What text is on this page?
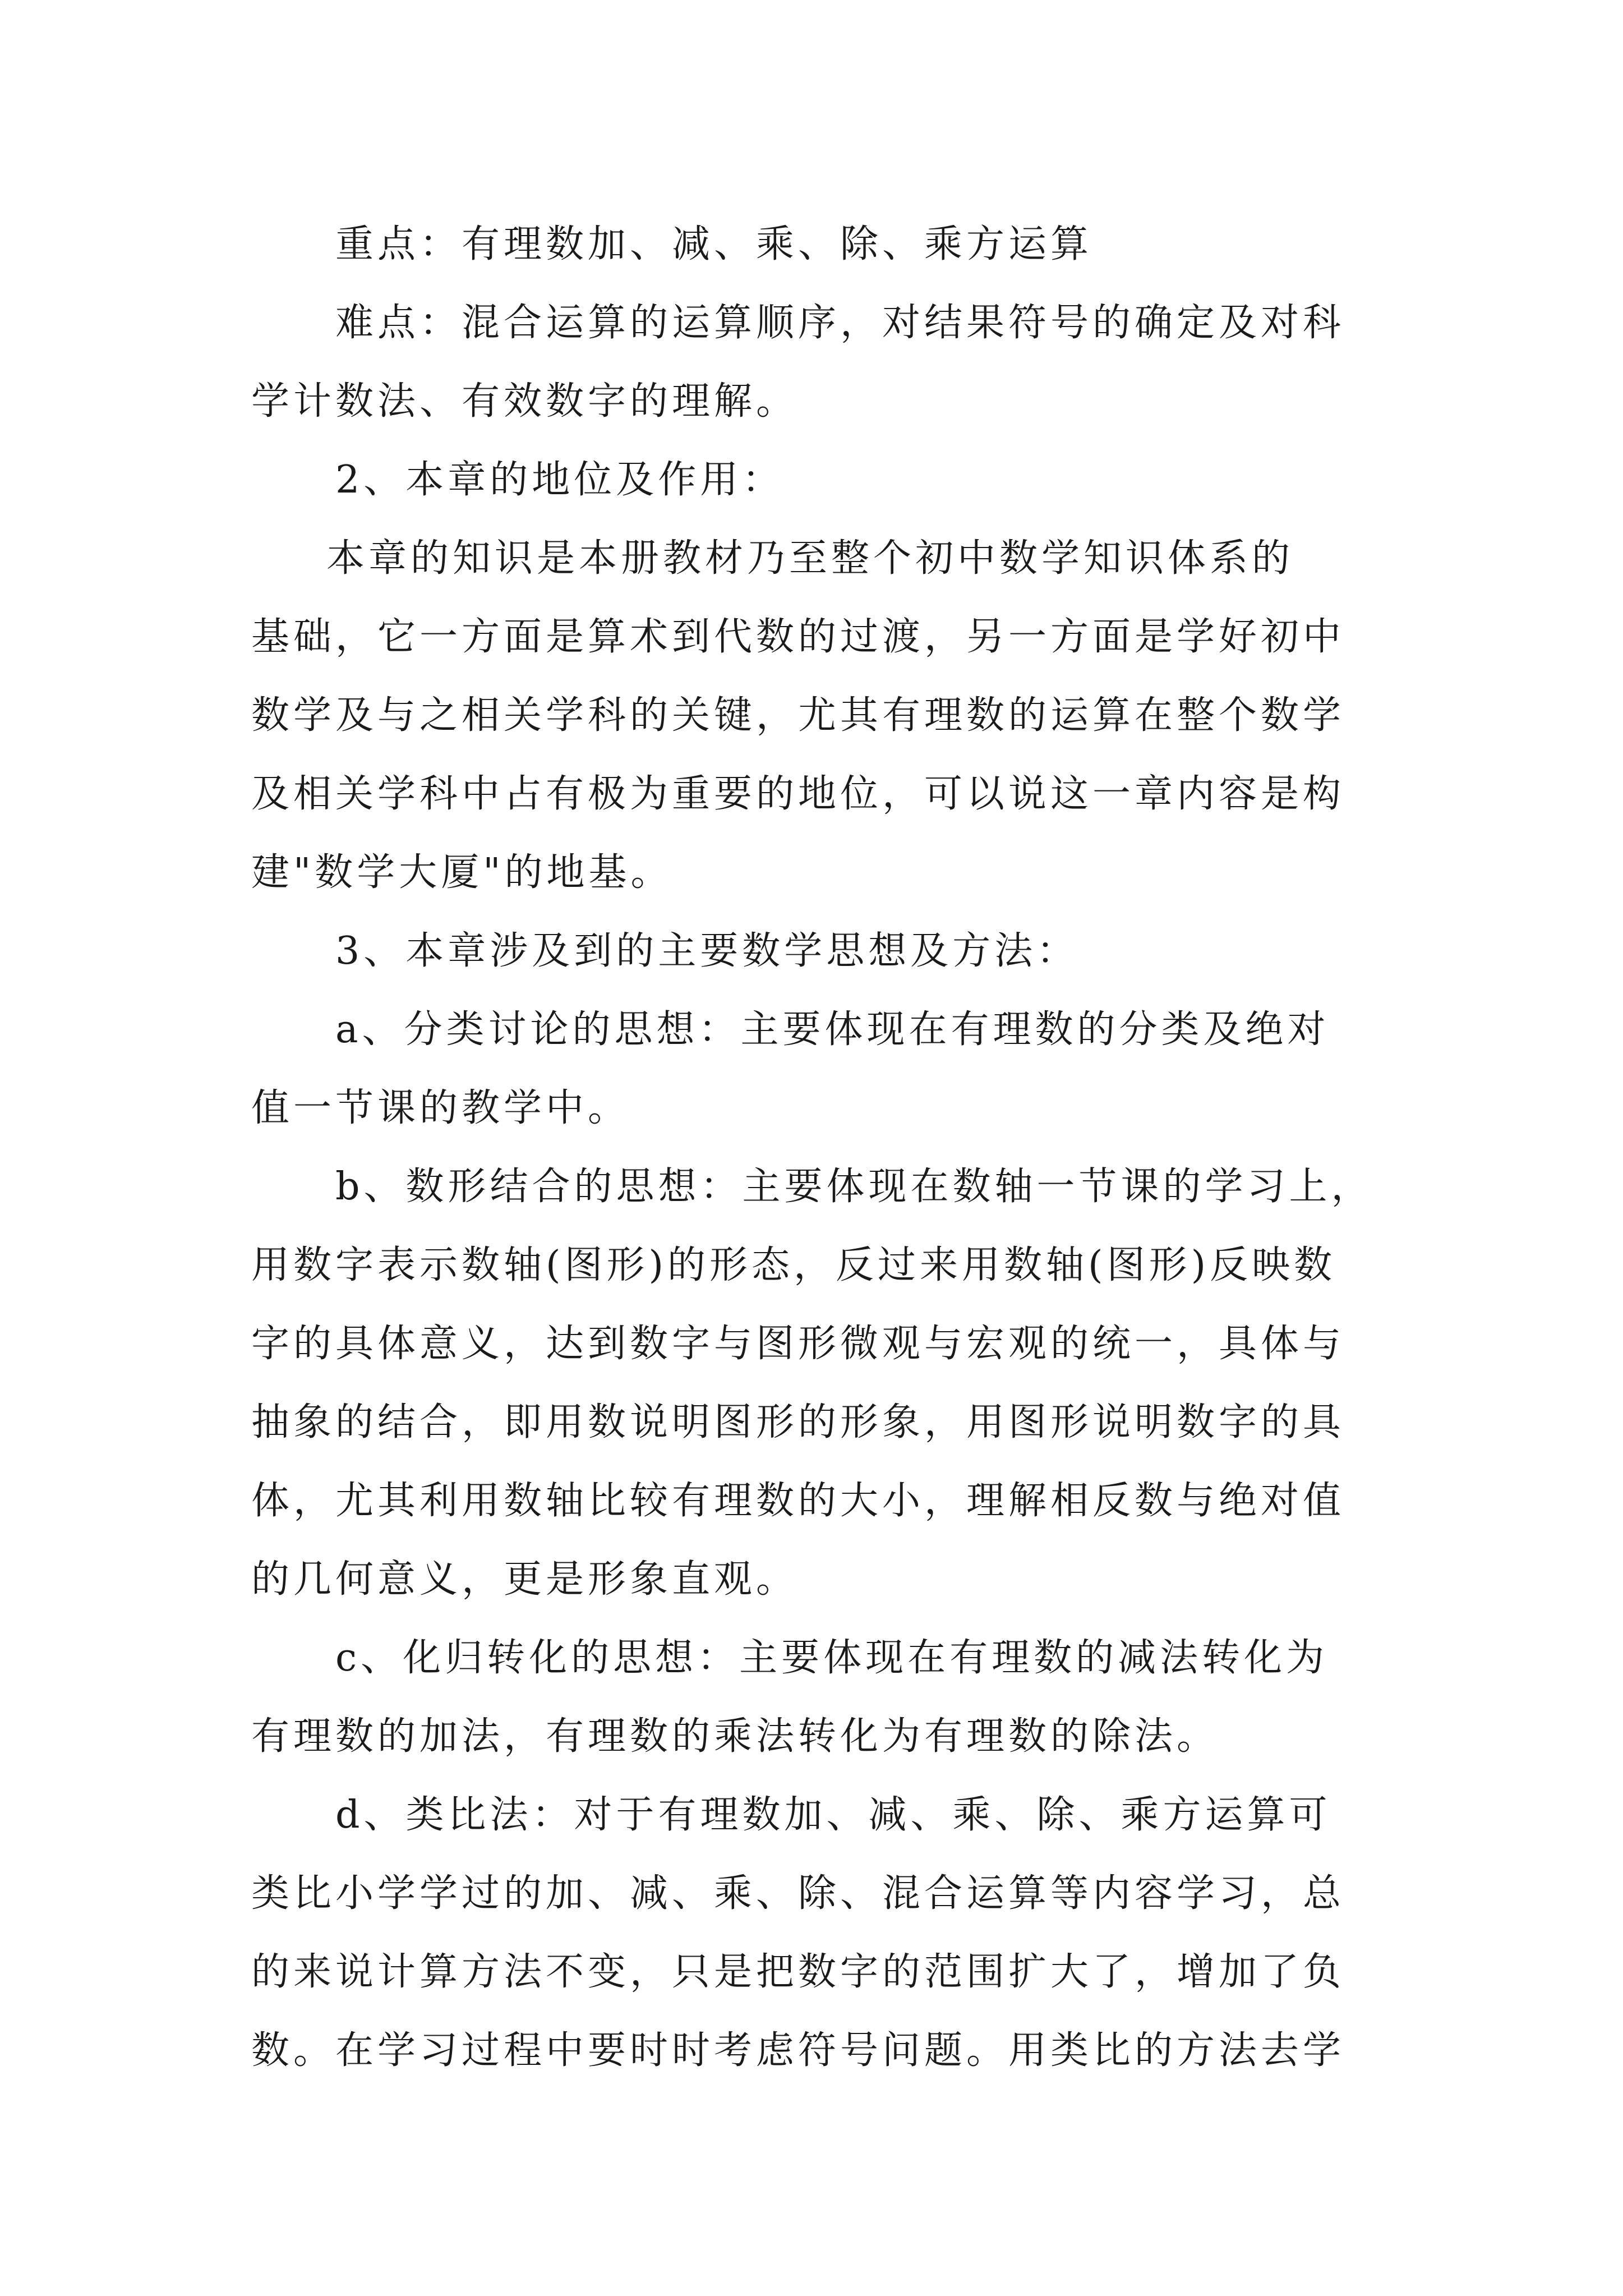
重点：有理数加、减、乘、除、乘方运算

难点：混合运算的运算顺序，对结果符号的确定及对科

学计数法、有效数字的理解。

2、本章的地位及作用：

本章的知识是本册教材乃至整个初中数学知识体系的

基础，它一方面是算术到代数的过渡，另一方面是学好初中

数学及与之相关学科的关键，尤其有理数的运算在整个数学

及相关学科中占有极为重要的地位，可以说这一章内容是构

建"数学大厦"的地基。

3、本章涉及到的主要数学思想及方法：

a、分类讨论的思想：主要体现在有理数的分类及绝对

值一节课的教学中。

b、数形结合的思想：主要体现在数轴一节课的学习上，

用数字表示数轴(图形)的形态，反过来用数轴(图形)反映数

字的具体意义，达到数字与图形微观与宏观的统一，具体与

抽象的结合，即用数说明图形的形象，用图形说明数字的具

体，尤其利用数轴比较有理数的大小，理解相反数与绝对值

的几何意义，更是形象直观。

c、化归转化的思想：主要体现在有理数的减法转化为

有理数的加法，有理数的乘法转化为有理数的除法。

d、类比法：对于有理数加、减、乘、除、乘方运算可

类比小学学过的加、减、乘、除、混合运算等内容学习，总

的来说计算方法不变，只是把数字的范围扩大了，增加了负

数。在学习过程中要时时考虑符号问题。用类比的方法去学
